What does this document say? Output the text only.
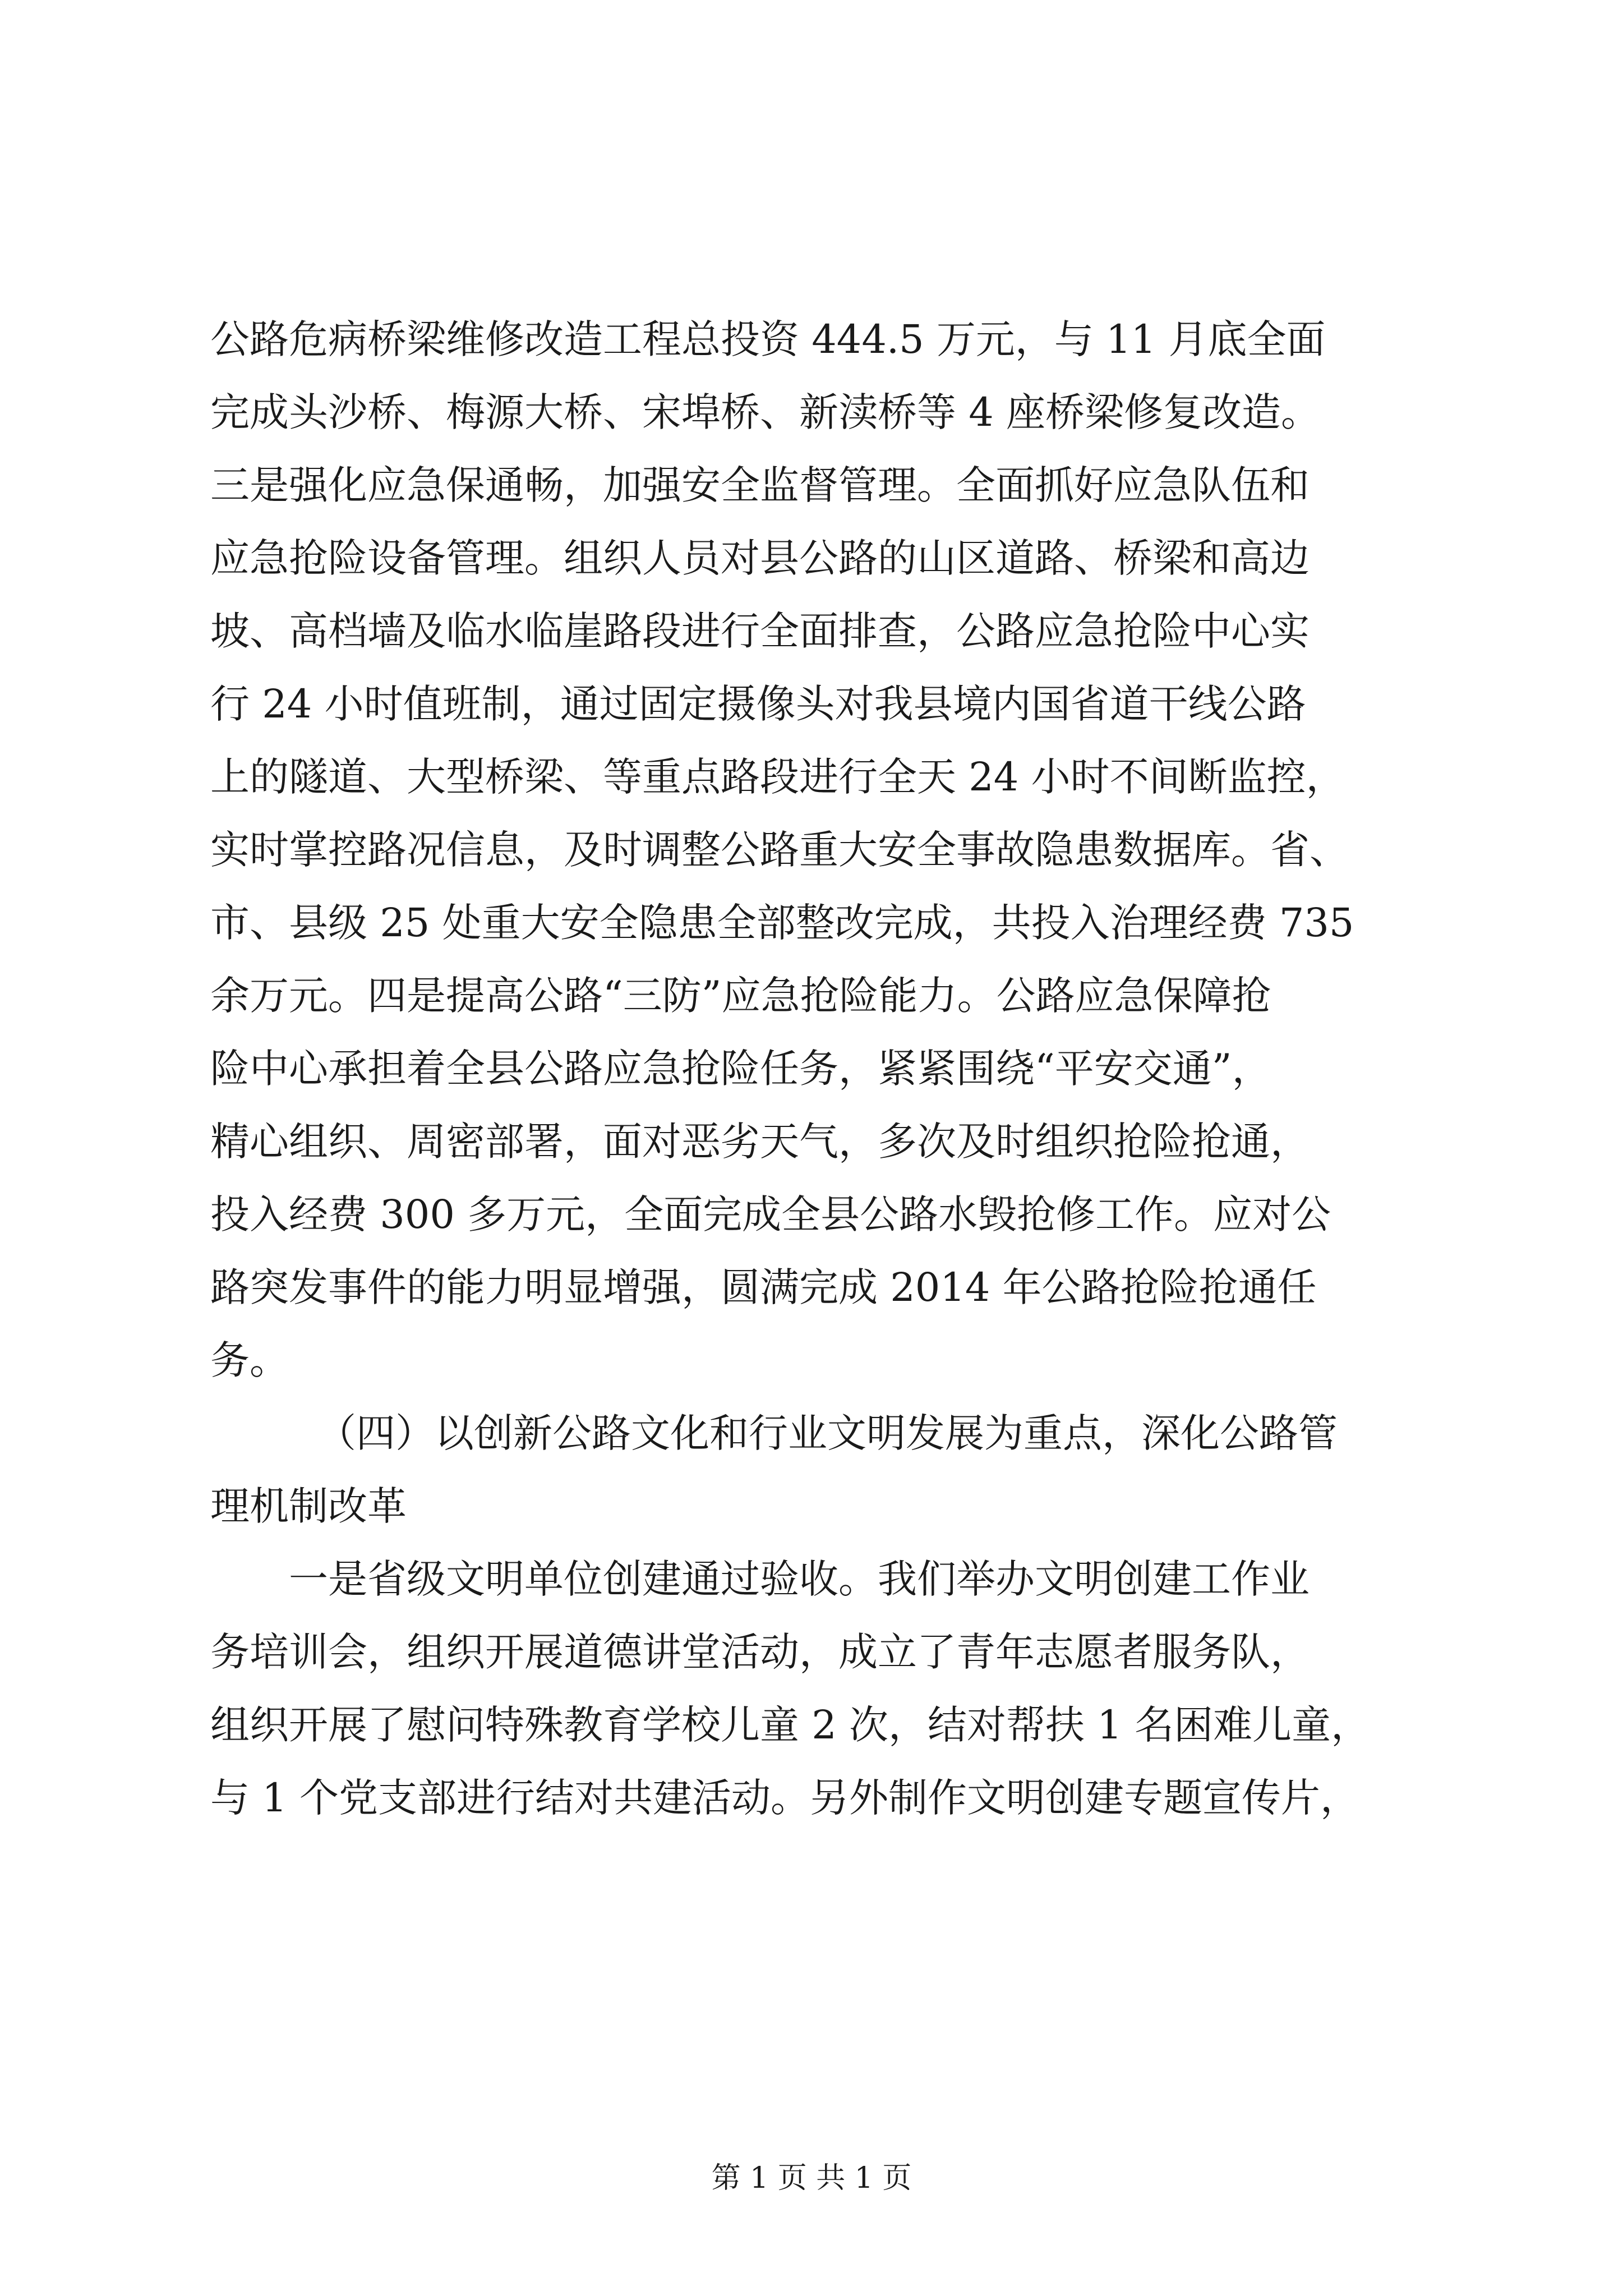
公路危病桥梁维修改造工程总投资 444.5 万元，与 11 月底全面
完成头沙桥、梅源大桥、宋埠桥、新渎桥等 4 座桥梁修复改造。
三是强化应急保通畅，加强安全监督管理。全面抓好应急队伍和
应急抢险设备管理。组织人员对县公路的山区道路、桥梁和高边
坡、高档墙及临水临崖路段进行全面排查，公路应急抢险中心实
行 24 小时值班制，通过固定摄像头对我县境内国省道干线公路
上的隧道、大型桥梁、等重点路段进行全天 24 小时不间断监控，
实时掌控路况信息，及时调整公路重大安全事故隐患数据库。省、
市、县级 25 处重大安全隐患全部整改完成，共投入治理经费 735
余万元。四是提高公路“三防”应急抢险能力。公路应急保障抢
险中心承担着全县公路应急抢险任务，紧紧围绕“平安交通”，
精心组织、周密部署，面对恶劣天气，多次及时组织抢险抢通，
投入经费 300 多万元，全面完成全县公路水毁抢修工作。应对公
路突发事件的能力明显增强，圆满完成 2014 年公路抢险抢通任
务。
（四）以创新公路文化和行业文明发展为重点，深化公路管
理机制改革
一是省级文明单位创建通过验收。我们举办文明创建工作业
务培训会，组织开展道德讲堂活动，成立了青年志愿者服务队，
组织开展了慰问特殊教育学校儿童 2 次，结对帮扶 1 名困难儿童，
与 1 个党支部进行结对共建活动。另外制作文明创建专题宣传片，
第 1 页 共 1 页
